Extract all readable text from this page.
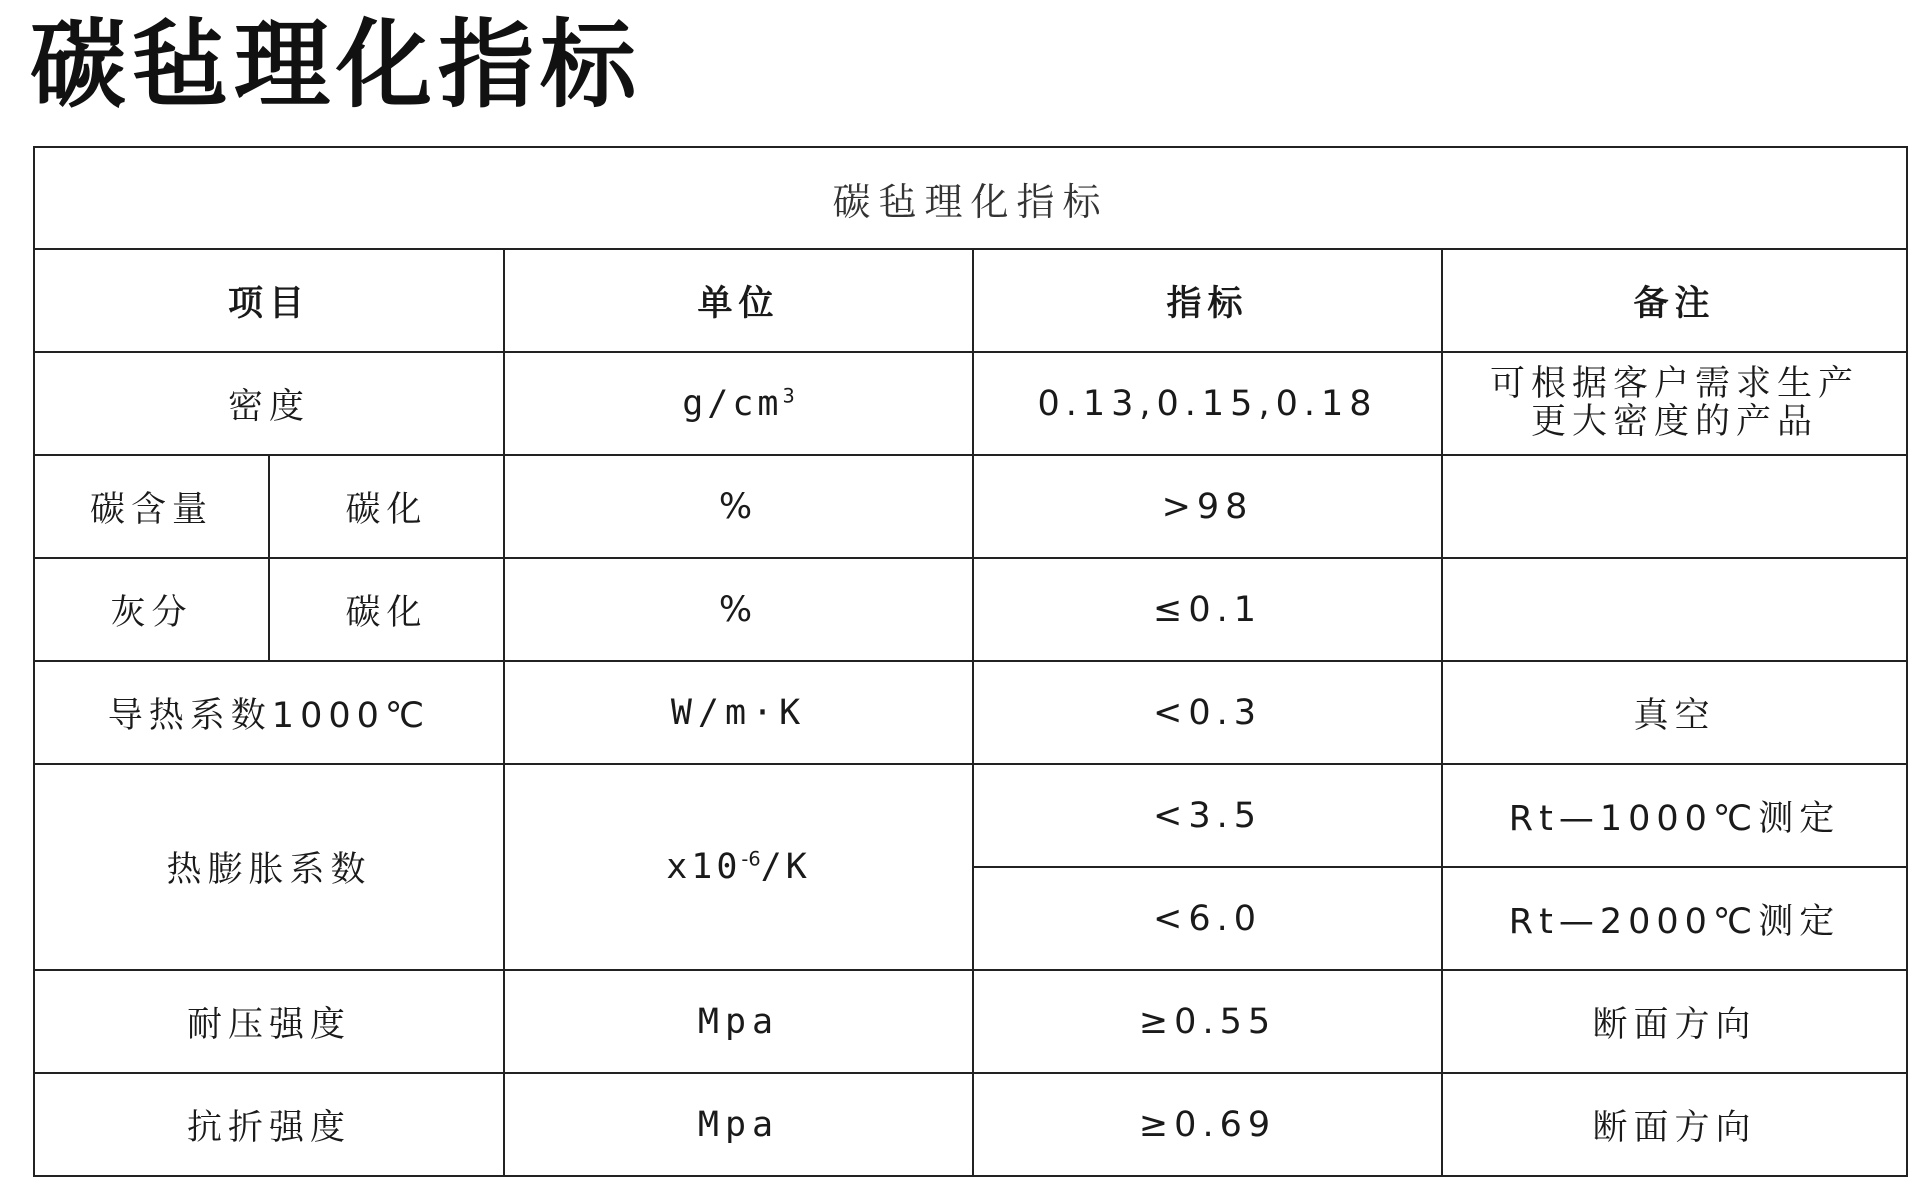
碳毡理化指标
碳毡理化指标				
项目		单位	指标	备注
密度		$g/cm^3$	0.13,0.15,0.18	可根据客户需求生产
更大密度的产品
碳含量	碳化	%	>98	
灰分	碳化	%	≤0.1	
导热系数1000℃		W/m·K	<0.3	真空
热膨胀系数		$x10^{-6}/K$	<3.5	Rt—1000℃测定
			<6.0	Rt—2000℃测定
耐压强度		Mpa	≥0.55	断面方向
抗折强度		Mpa	≥0.69	断面方向
